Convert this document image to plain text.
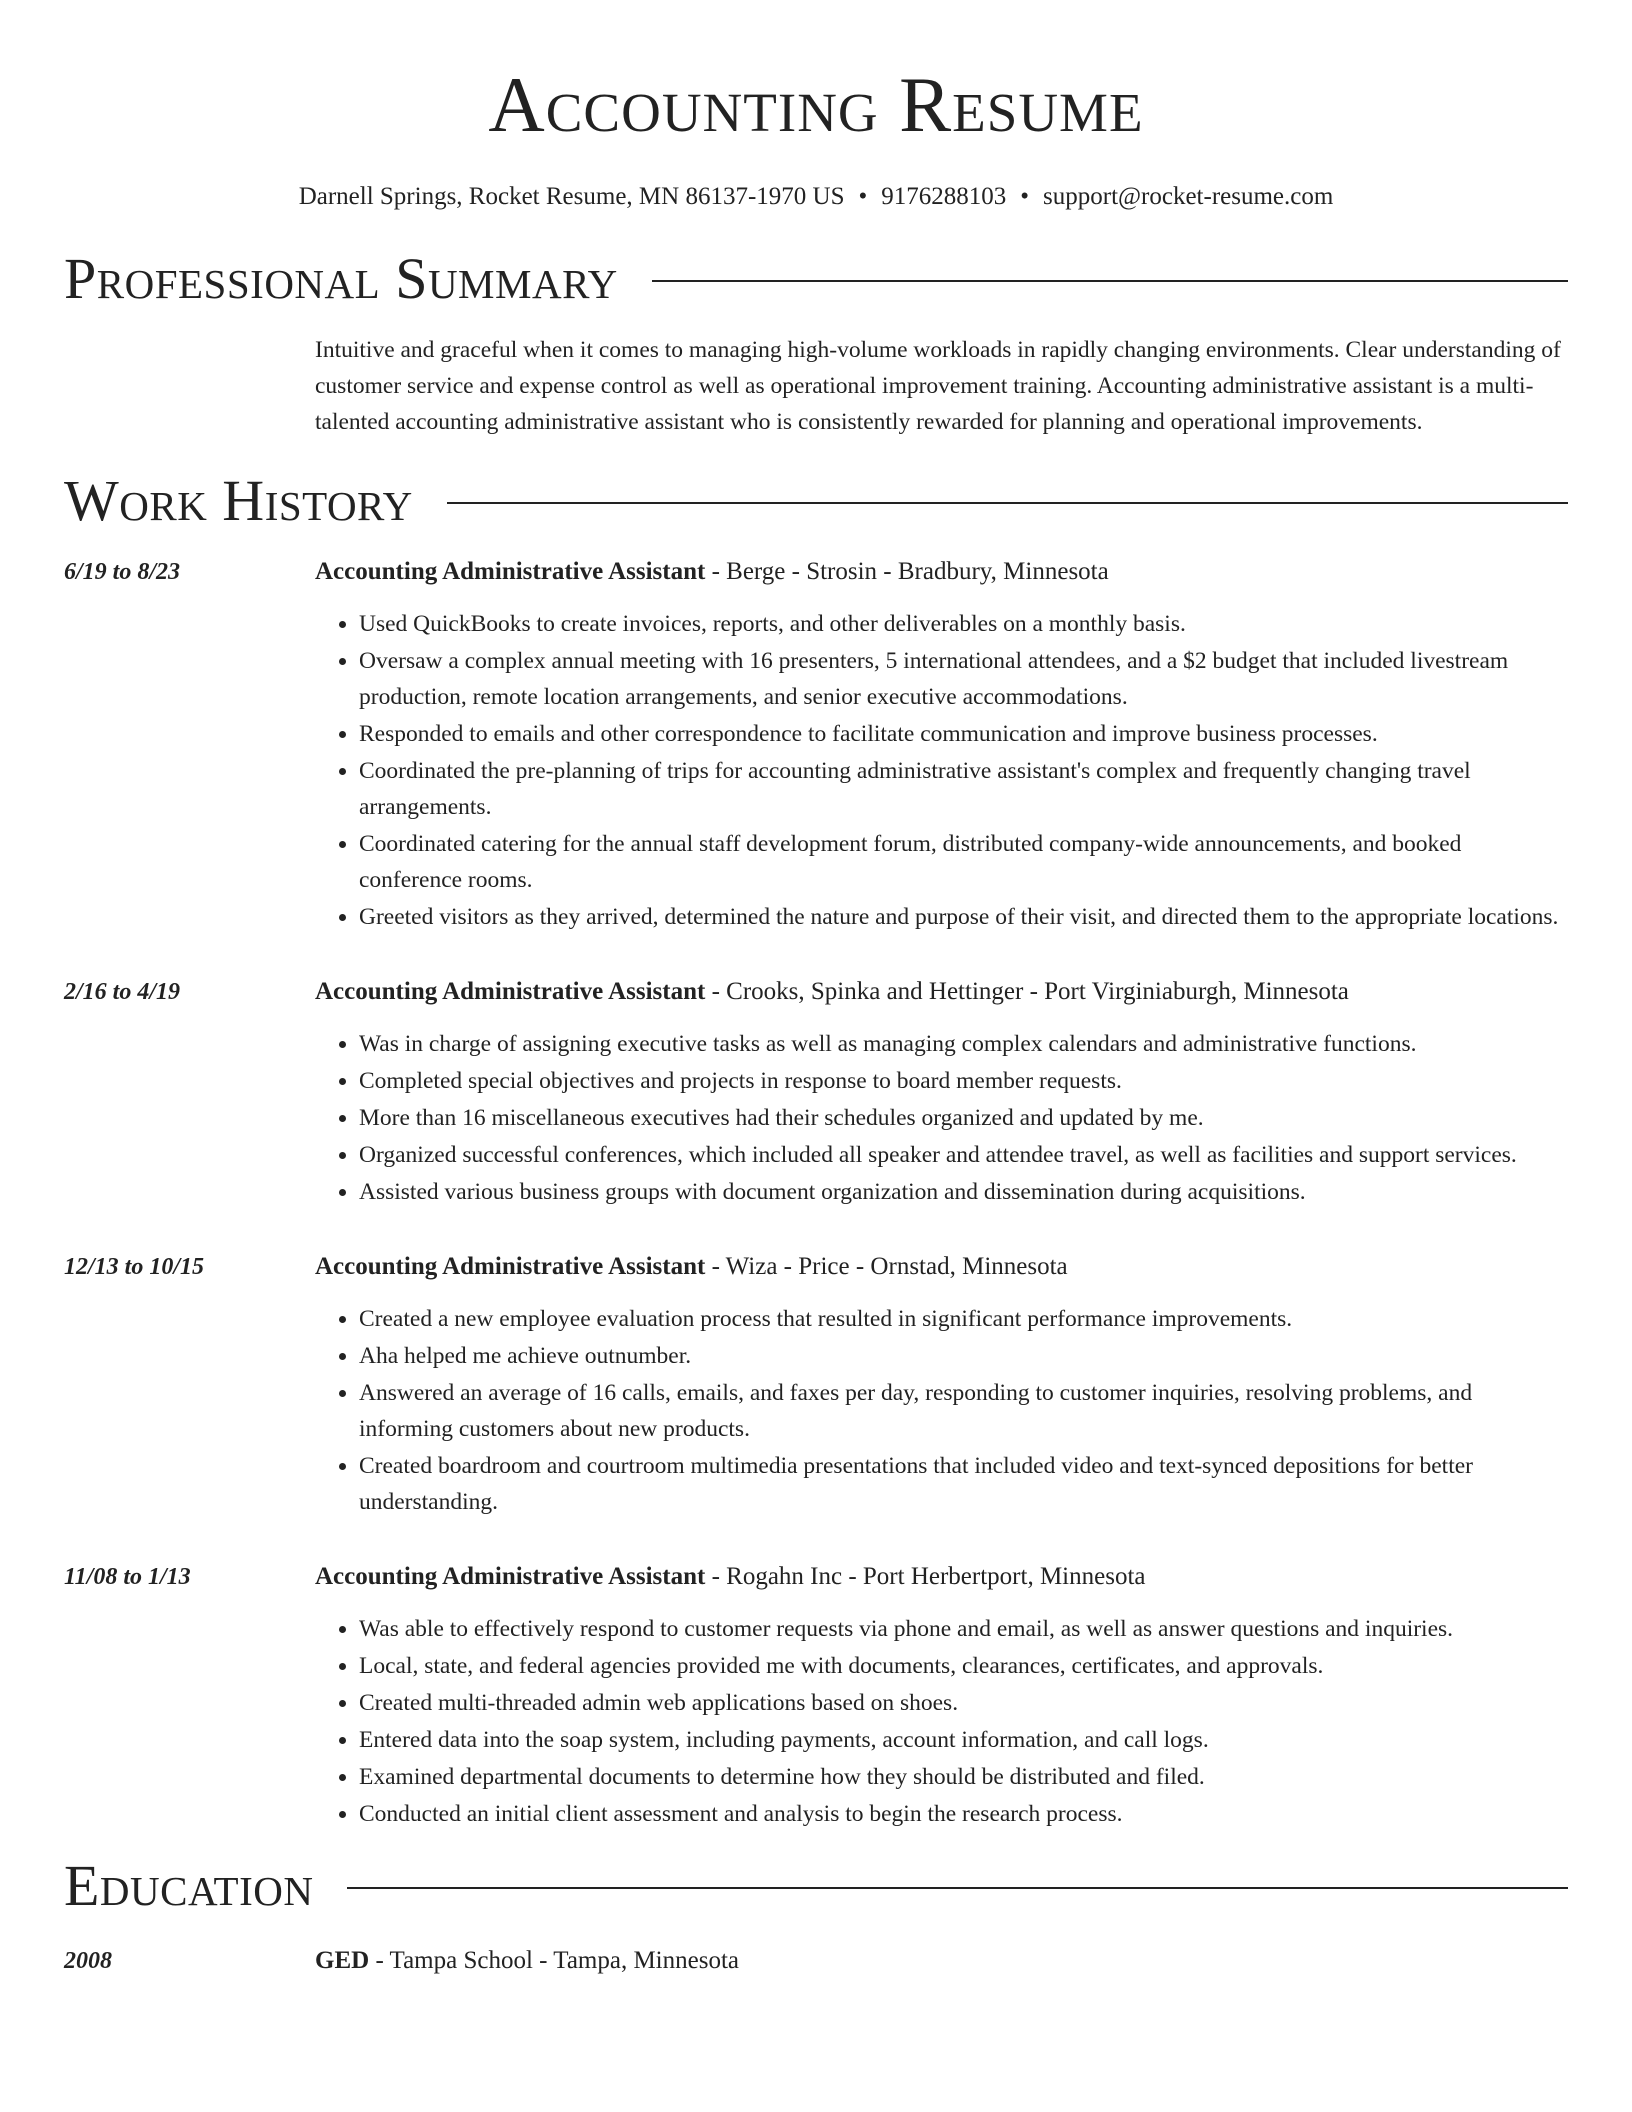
Accounting Resume
Darnell Springs, Rocket Resume, MN 86137-1970 US • 9176288103 • support@rocket-resume.com
Professional Summary
Intuitive and graceful when it comes to managing high-volume workloads in rapidly changing environments. Clear understanding of customer service and expense control as well as operational improvement training. Accounting administrative assistant is a multi-talented accounting administrative assistant who is consistently rewarded for planning and operational improvements.
Work History
6/19 to 8/23	Accounting Administrative Assistant - Berge - Strosin - Bradbury, Minnesota
• Used QuickBooks to create invoices, reports, and other deliverables on a monthly basis.
• Oversaw a complex annual meeting with 16 presenters, 5 international attendees, and a $2 budget that included livestream production, remote location arrangements, and senior executive accommodations.
• Responded to emails and other correspondence to facilitate communication and improve business processes.
• Coordinated the pre-planning of trips for accounting administrative assistant's complex and frequently changing travel arrangements.
• Coordinated catering for the annual staff development forum, distributed company-wide announcements, and booked conference rooms.
• Greeted visitors as they arrived, determined the nature and purpose of their visit, and directed them to the appropriate locations.
2/16 to 4/19	Accounting Administrative Assistant - Crooks, Spinka and Hettinger - Port Virginiaburgh, Minnesota
• Was in charge of assigning executive tasks as well as managing complex calendars and administrative functions.
• Completed special objectives and projects in response to board member requests.
• More than 16 miscellaneous executives had their schedules organized and updated by me.
• Organized successful conferences, which included all speaker and attendee travel, as well as facilities and support services.
• Assisted various business groups with document organization and dissemination during acquisitions.
12/13 to 10/15	Accounting Administrative Assistant - Wiza - Price - Ornstad, Minnesota
• Created a new employee evaluation process that resulted in significant performance improvements.
• Aha helped me achieve outnumber.
• Answered an average of 16 calls, emails, and faxes per day, responding to customer inquiries, resolving problems, and informing customers about new products.
• Created boardroom and courtroom multimedia presentations that included video and text-synced depositions for better understanding.
11/08 to 1/13	Accounting Administrative Assistant - Rogahn Inc - Port Herbertport, Minnesota
• Was able to effectively respond to customer requests via phone and email, as well as answer questions and inquiries.
• Local, state, and federal agencies provided me with documents, clearances, certificates, and approvals.
• Created multi-threaded admin web applications based on shoes.
• Entered data into the soap system, including payments, account information, and call logs.
• Examined departmental documents to determine how they should be distributed and filed.
• Conducted an initial client assessment and analysis to begin the research process.
Education
2008	GED - Tampa School - Tampa, Minnesota
